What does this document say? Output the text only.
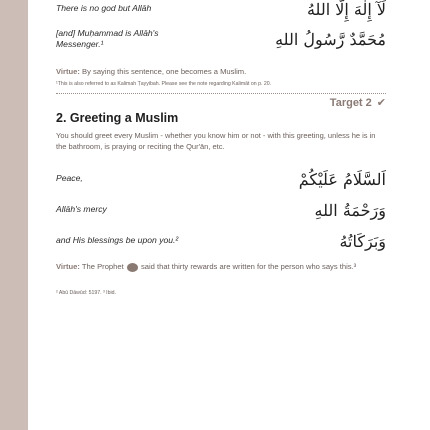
There is no god but Allāh	لَآ إِلٰهَ إِلَّا اللهُ
[and] Muḥammad is Allāh's Messenger.¹	مُحَمَّدٌ رَّسُولُ اللهِ
Virtue: By saying this sentence, one becomes a Muslim.
¹This is also referred to as Kalimah Ṭayyibah. Please see the note regarding Kalimāt on p. 20.
Target 2 ✔
2. Greeting a Muslim
You should greet every Muslim - whether you know him or not - with this greeting, unless he is in the bathroom, is praying or reciting the Qur'ān, etc.
Peace,	اَلسَّلَامُ عَلَيْكُمْ
Allāh's mercy	وَرَحْمَةُ اللهِ
and His blessings be upon you.²	وَبَرَكَاتُهُ
Virtue: The Prophet said that thirty rewards are written for the person who says this.³
² Abū Dāwūd: 5197. ³ Ibid.
